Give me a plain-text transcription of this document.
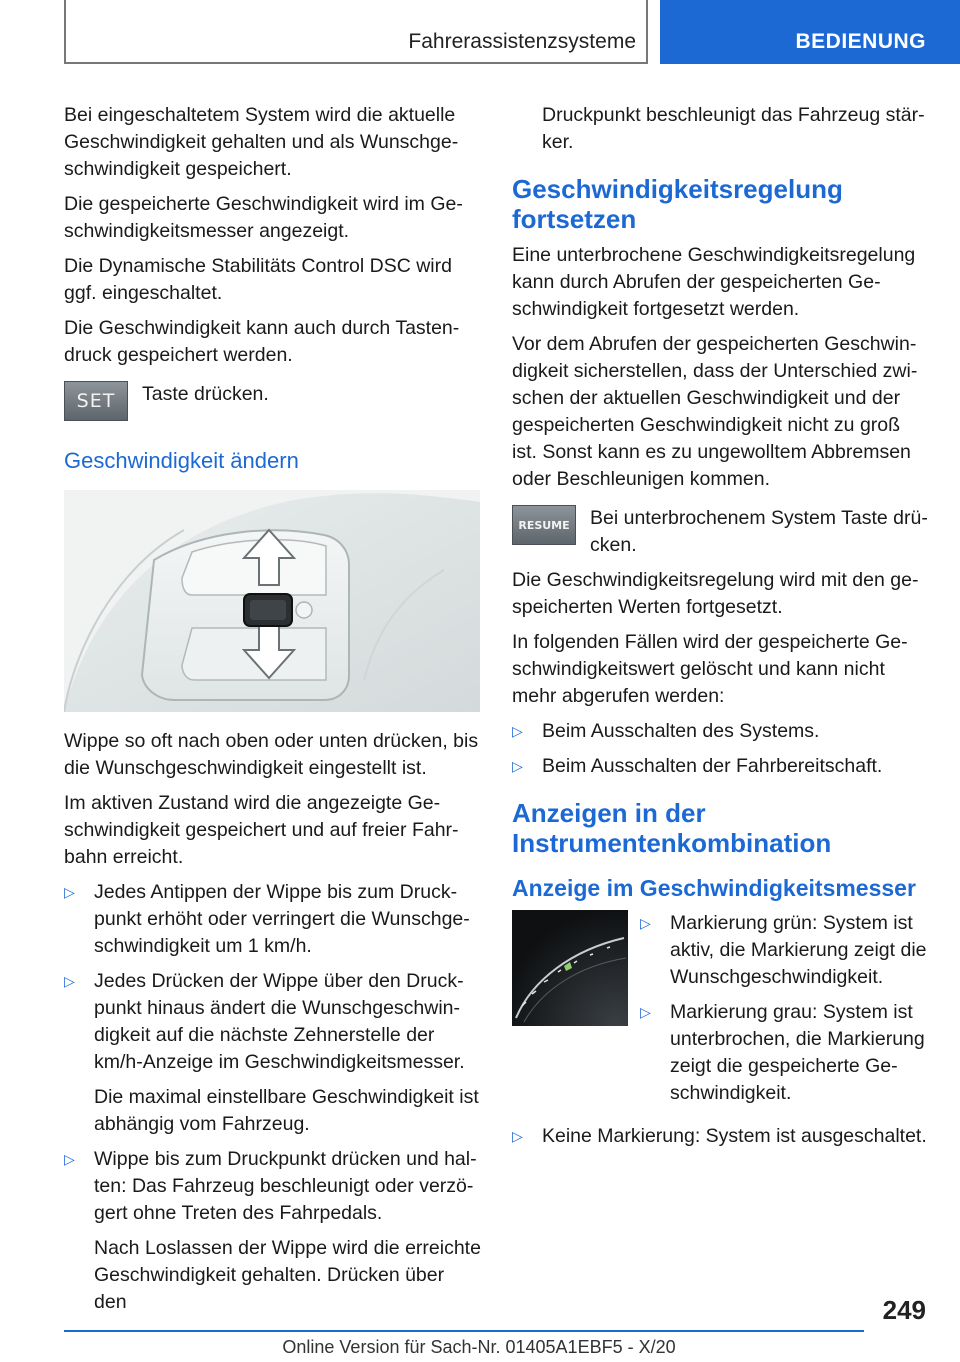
Fahrerassistenzsysteme	BEDIENUNG

Bei eingeschaltetem System wird die aktuelle Geschwindigkeit gehalten und als Wunschgeschwindigkeit gespeichert.

Die gespeicherte Geschwindigkeit wird im Geschwindigkeitsmesser angezeigt.

Die Dynamische Stabilitäts Control DSC wird ggf. eingeschaltet.

Die Geschwindigkeit kann auch durch Tastendruck gespeichert werden.

SET	Taste drücken.
Geschwindigkeit ändern

Wippe so oft nach oben oder unten drücken, bis die Wunschgeschwindigkeit eingestellt ist.

Im aktiven Zustand wird die angezeigte Geschwindigkeit gespeichert und auf freier Fahrbahn erreicht.

▷ Jedes Antippen der Wippe bis zum Druckpunkt erhöht oder verringert die Wunschgeschwindigkeit um 1 km/h.
▷ Jedes Drücken der Wippe über den Druckpunkt hinaus ändert die Wunschgeschwindigkeit auf die nächste Zehnerstelle der km/h-Anzeige im Geschwindigkeitsmesser.

Die maximal einstellbare Geschwindigkeit ist abhängig vom Fahrzeug.

▷ Wippe bis zum Druckpunkt drücken und halten: Das Fahrzeug beschleunigt oder verzögert ohne Treten des Fahrpedals.

Nach Loslassen der Wippe wird die erreichte Geschwindigkeit gehalten. Drücken über den

Druckpunkt beschleunigt das Fahrzeug stärker.

Geschwindigkeitsregelung fortsetzen

Eine unterbrochene Geschwindigkeitsregelung kann durch Abrufen der gespeicherten Geschwindigkeit fortgesetzt werden.

Vor dem Abrufen der gespeicherten Geschwindigkeit sicherstellen, dass der Unterschied zwischen der aktuellen Geschwindigkeit und der gespeicherten Geschwindigkeit nicht zu groß ist. Sonst kann es zu ungewolltem Abbremsen oder Beschleunigen kommen.

RESUME	Bei unterbrochenem System Taste drücken.

Die Geschwindigkeitsregelung wird mit den gespeicherten Werten fortgesetzt.

In folgenden Fällen wird der gespeicherte Geschwindigkeitswert gelöscht und kann nicht mehr abgerufen werden:

▷ Beim Ausschalten des Systems.
▷ Beim Ausschalten der Fahrbereitschaft.
Anzeigen in der Instrumentenkombination
Anzeige im Geschwindigkeitsmesser
▷ Markierung grün: System ist aktiv, die Markierung zeigt die Wunschgeschwindigkeit.
▷ Markierung grau: System ist unterbrochen, die Markierung zeigt die gespeicherte Geschwindigkeit.
▷ Keine Markierung: System ist ausgeschaltet.
249
Online Version für Sach-Nr. 01405A1EBF5 - X/20
